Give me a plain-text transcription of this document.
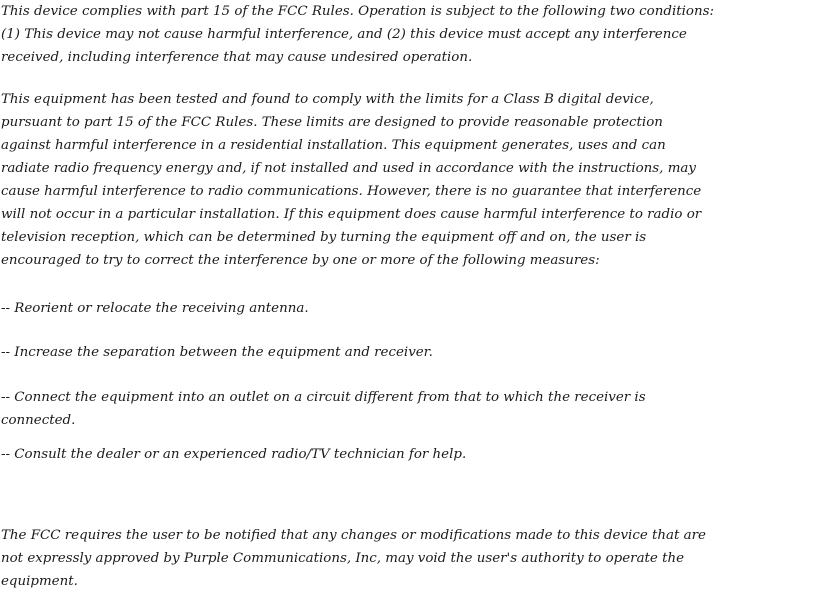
This device complies with part 15 of the FCC Rules. Operation is subject to the following two conditions:

(1) This device may not cause harmful interference, and (2) this device must accept any interference

received, including interference that may cause undesired operation.

This equipment has been tested and found to comply with the limits for a Class B digital device,

pursuant to part 15 of the FCC Rules. These limits are designed to provide reasonable protection

against harmful interference in a residential installation. This equipment generates, uses and can

radiate radio frequency energy and, if not installed and used in accordance with the instructions, may

cause harmful interference to radio communications. However, there is no guarantee that interference

will not occur in a particular installation. If this equipment does cause harmful interference to radio or

television reception, which can be determined by turning the equipment off and on, the user is

encouraged to try to correct the interference by one or more of the following measures:

-- Reorient or relocate the receiving antenna.

-- Increase the separation between the equipment and receiver.

-- Connect the equipment into an outlet on a circuit different from that to which the receiver is

connected.

-- Consult the dealer or an experienced radio/TV technician for help.

The FCC requires the user to be notified that any changes or modifications made to this device that are

not expressly approved by Purple Communications, Inc, may void the user's authority to operate the

equipment.
